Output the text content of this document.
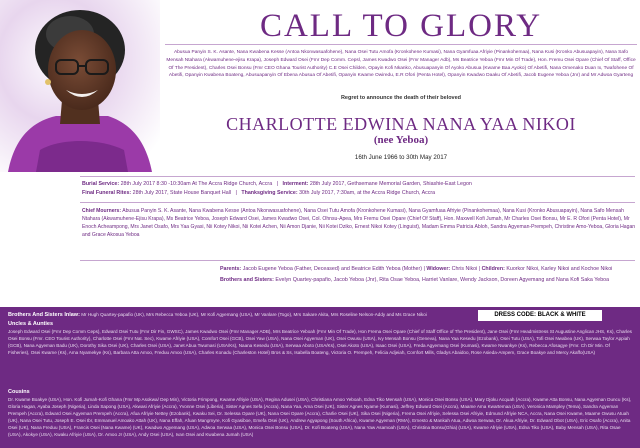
CALL TO GLORY
Abusua Panyin S. K. Asante, Nana Kwabena Kesse (Antoa Nkonwasuafohene), Nana Osei Tutu Amofa (Kronkohene Kumasi), Nana Gyamfuaa Afriyie (Pinankohemaa), Nana Kusi (Kronko Abusuapayin), Nana Safo Mensah Ntahara (Akwamuhene-ejisu Krapa), Joseph Edward Osei (Fmr Dep Comm. Cepsl, James Kwadwo Osei (Fmr Manager Adb), Ms Beatrice Yeboa (Fmr Min Of Trade), Hon. Fremu Osei Opare (Chief Of Staff, Office Of The President), Charles Osei Bonsu (Fmr CEO Ghana Tourist Authority) C.E Osei Childen, Opayin Kofi Nkanko, Abusuapanyin Of Ayoko Abusua (Kwame Baa Ayoko) Of Abetifi, Nana Omenako Duan Ix, Twafohene Of Abetifi, Opanyin Kwabena Boateng, Abusuapanyin Of Ebena Abusua Of Abetifi, Opanyin Kwame Owiredu, E.R Ofori (Penta Hotel), Opanyin Kwadwo Daaku Of Abetifi, Jacob Eugene Yeboa (Jnr) and Mr Adwoa Gyarteng
Regret to announce the death of their beloved
CHARLOTTE EDWINA NANA YAA NIKOI
(nee Yeboa)
16th June 1966 to 30th May 2017
Burial Service: 28th July 2017 8:30 -10:30am At The Accra Ridge Church, Accra | Interment: 28th July 2017, Gethsemane Memorial Garden, Shiashie-East Legon
Final Funeral Rites: 28th July 2017, State House Banquet Hall | Thanksgiving Service: 30th July 2017, 7:30am, at the Accra Ridge Church, Accra
Chief Mourners: Abusua Panyin S. K. Asante, Nana Kwabena Kesse (Antoa Nkonwasuafohene), Nana Osei Tutu Amofa (Kronkohene Kumasi), Nana Gyamfuaa Afriyie (Pinankohemaa), Nana Kusi (Kronko Abusuapayin), Nana Safo Mensah Ntahara (Akwamuhene-Ejisu Krapa), Ms Beatrice Yeboa, Joseph Edward Osei, James Kwadwo Osei, Col. Ohnsu-Apea, Mrs Fremu Osei Opare (Chief Of Staff), Hon. Maxwell Kofi Jumah, Mr Charles Osei Bonsu, Mr E. R Ofori (Penta Hotel), Mr Enoch Acheampong, Mrs Janet Osafo, Mrs Yaa Gyasi, Nii Kotey Nikoi, Nii Kotei Achen, Nii Amon Djanie, Nii Kotei Dziko, Ernest Nikoi Kotey (Linguist), Madam Emma Patricia Abloh, Sandra Agyeman-Prempeh, Christine Amo-Yeboa, Gloria Hagan and Grace Akosua Yeboa
Parents: Jacob Eugene Yeboa (Father, Deceased) and Beatrice Edith Yeboa (Mother) | Widower: Chris Nikoi | Children: Kuorkor Nikoi, Karley Nikoi and Kochoe Nikoi
Brothers and Sisters: Evelyn Quartey-papafio, Jacob Yeboa (Jnr), Rita Osae Yeboa, Harriet Vanlare, Wendy Jackson, Doreen Agyemang and Nana Kofi Saka Yeboa
Brothers And Sisters Inlaw: Mr Hugh Quartey-papafio (UK), Mrs Rebecca Yeboa (UK), Mr Kofi Agyemang (USA), Mr Vanlare (Togo), Mrs Sakare Akita, Mrs Roseline Nelson-Addy and Ms Grace Nikoi	DRESS CODE: BLACK & WHITE
Uncles & Aunties
Joseph Edward Osei (Fmr Dep Comm Ceps), Edward Osei Tutu (Fmr Dir Fin, GWSC), James Kwadwo Osei (Fmr Manager ADB), Mrs Beatrice Yeboah (Fmr Min Of Trade), Hon Frema Osei Opare (Chief of Staff Office of The President), Jane Osei (Fmr Headmistress St Augustine Anglican JHS, Ks), Charles Osei Bonsu (Fmr. CEO Tourist Authority), Charlotte Osei (Fmr Nat. Sec), Kwame Afriyie (USA), Comfort Osei (GCB), Osei Yaw (USA), Nana Osei Agyeman (UK), Osei Owusu (USA), Ivy Mensah Bonsu (Geneva), Nana Yaa Kesedu (Ezobank), Osei Tutu (USA), Tofi Osei Nwabea (UK), Serwaa Taylor Appiah (GCB), Nana Agyeman Badu (UK), Dorothy Sika Osei (UK), Charles Osei (USA), Janet Abua Twumasi (USA/Ks), Naana Kesedu (USA), Serwaa Aboto (USA/Ks), Osei Akoto (USA), Isaac Osei (USA), Freda Agyemang Osei (Kumasi), Kwame Nwankye (Ks), Rebecca Afosagye (Fmr. Ch Dir Min. Of Fisheries), Osei Kwame (Ks), Ama Nyamekye (Ks), Barbara Atta Amoo, Freduu Amoo (USA), Charles Konadu (Charleston Hotel) Bros & Ss, Isabella Boateng, Victoria O. Prempeh, Felicia Adjeiah, Comfort Mills, Gladys Abaidoo, Rose Asieda-Ampem, Grace Boakye and Mercy Akaffo(USA)
Cousins
Dr. Kwame Boakye (USA), Hon. Kofi Jumah-Kofi Ghana (Fmr Mp Asokwa/ Dep Min), Victoria Frimpong, Kwame Afriyie (USA), Regina Adusei (USA), Christiana Amoo Yeboah, Edna Tiko Mensah (USA), Monica Osei Bonsu (USA), Mary Djoku Acquah (Accra), Kwame Atta Bonsu, Nana Agyeman Duncu (Ks), Gloria Hagan, Ayaba Joseph (Nigeria), Linda Sapong (USA), Akwasi Afriyie (Accra), Yvonne Osei (Liberia), Sister Agnes Sefa (Accra), Nana Yaa, Ama Osei (UK), Sister Agnes Nyame (Kumasi), Jeffrey Edward Osei (Accra), Maame Ama Kwartemaa (USA), Veronica Mampley (Tema), Sandra Agyeman Prempeh (Accra), Edward Osei Agyeman Prempeh (Accra), Afua Afriyie Nettey (Ezobank), Kwaku Sei, Dr. Selessa Opare (UK), Nana Osei Opare (Accra), Charlie Osei (UK), Sika Osei (Nigeria), Frema Osei Afriyie, Selessa Osei Afriyie, Edmund Afriyie NCA, Accra, Nana Osei Kwame, Maame Owusu Atuah (UK), Nana Osei Tutu, Joseph E. Osei Ibr, Emmanuel Amoako Attah (UK), Nana Effah, Afuan Mangmyre, Kofi Gyasiboe, Emefa Osei (UK), Andrew Agyapong (South Africa), Kwame Agyeman (RMA), Ernesto & Mankah Atua, Adwoa Serwaa, Dr. Akua Afriyie, Dr. Edward Obot (USA), Eric Osafo (Accra), Anita Osei (UK), Nana Freduu (USA), Francis Osei (Nana Kwame) (UK), Kwadwo Agyemang (USA), Adwoa Serwaa (USA), Monica Osei Bonsu (USA), Dr. Kofi Boateng (USA), Nana Yaw Asamoah (USA), Christina Bonsu(Ghia) (USA), Kwame Afriyie (USA), Edna Tiko (USA), Baby Mensah (USA), Rita Osae (USA), Akokye (USA), Kwaku Afriyie (USA), Dr. Amoo Jr (USA), Andy Osei (USA), Ivan Osei and Kwabena Jumah (USA)
